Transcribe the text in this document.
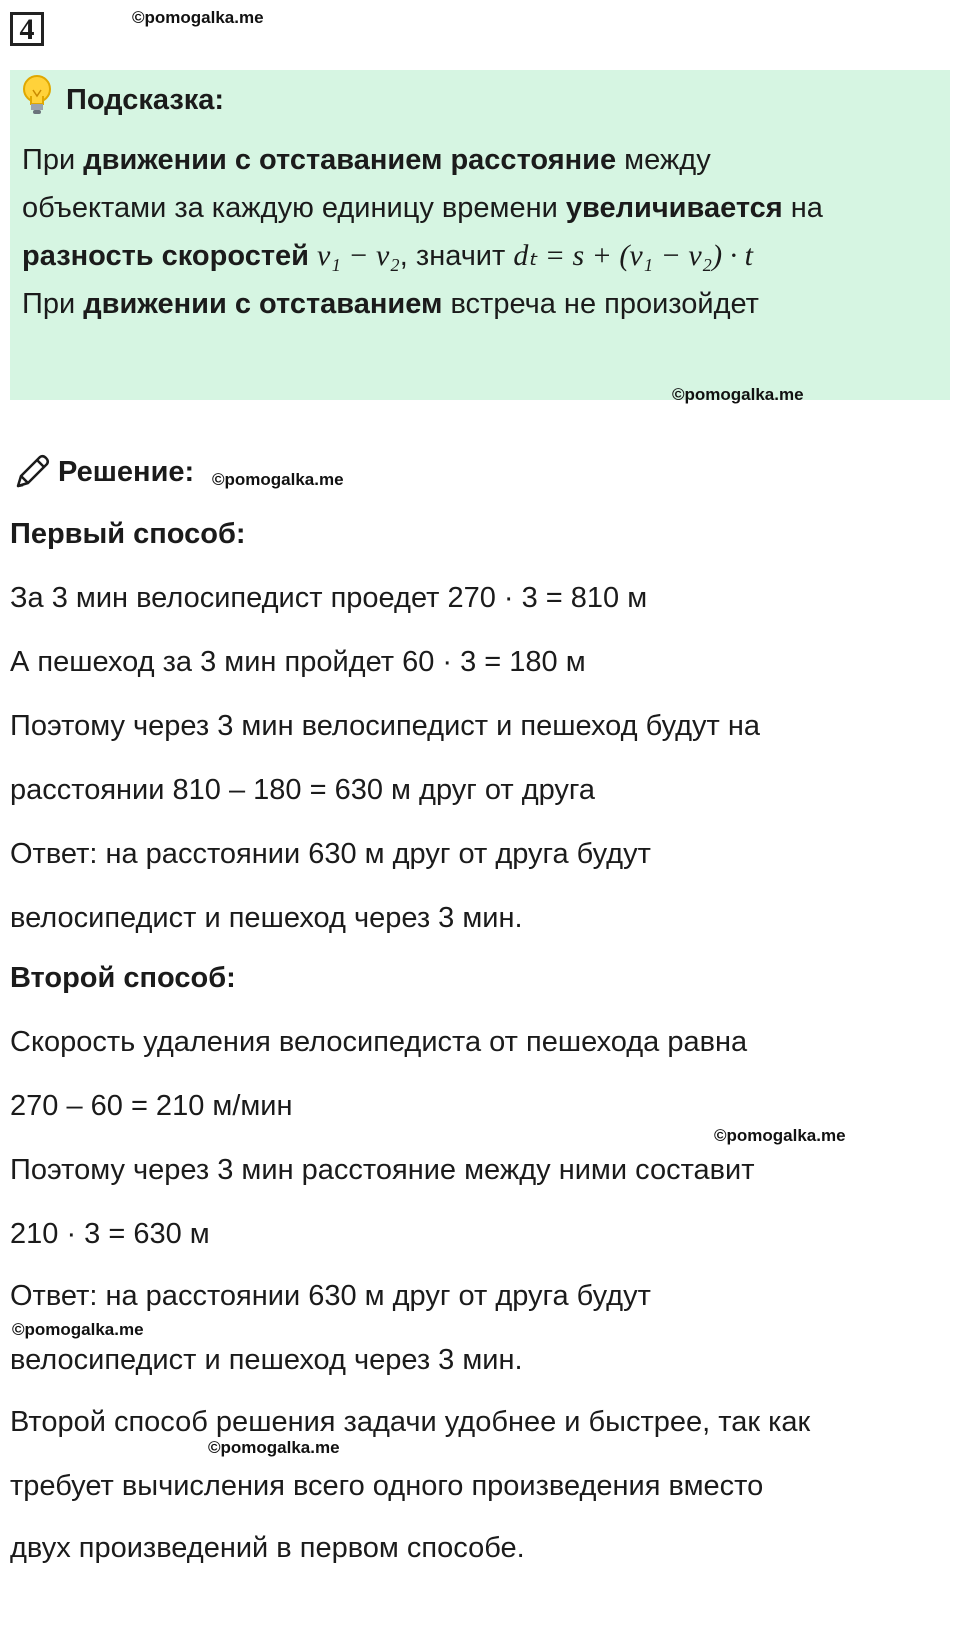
4	©pomogalka.me
Подсказка:
При движении с отставанием расстояние между
объектами за каждую единицу времени увеличивается на
разность скоростей v₁ − v₂, значит dₜ = s + (v₁ − v₂) · t
При движении с отставанием встреча не произойдет
©pomogalka.me
Решение: ©pomogalka.me
Первый способ:
За 3 мин велосипедист проедет 270 · 3 = 810 м
А пешеход за 3 мин пройдет 60 · 3 = 180 м
Поэтому через 3 мин велосипедист и пешеход будут на
расстоянии 810 – 180 = 630 м друг от друга
Ответ: на расстоянии 630 м друг от друга будут
велосипедист и пешеход через 3 мин.
Второй способ:
Скорость удаления велосипедиста от пешехода равна
270 – 60 = 210 м/мин
©pomogalka.me
Поэтому через 3 мин расстояние между ними составит
210 · 3 = 630 м
Ответ: на расстоянии 630 м друг от друга будут
©pomogalka.me
велосипедист и пешеход через 3 мин.
Второй способ решения задачи удобнее и быстрее, так как
©pomogalka.me
требует вычисления всего одного произведения вместо
двух произведений в первом способе.
